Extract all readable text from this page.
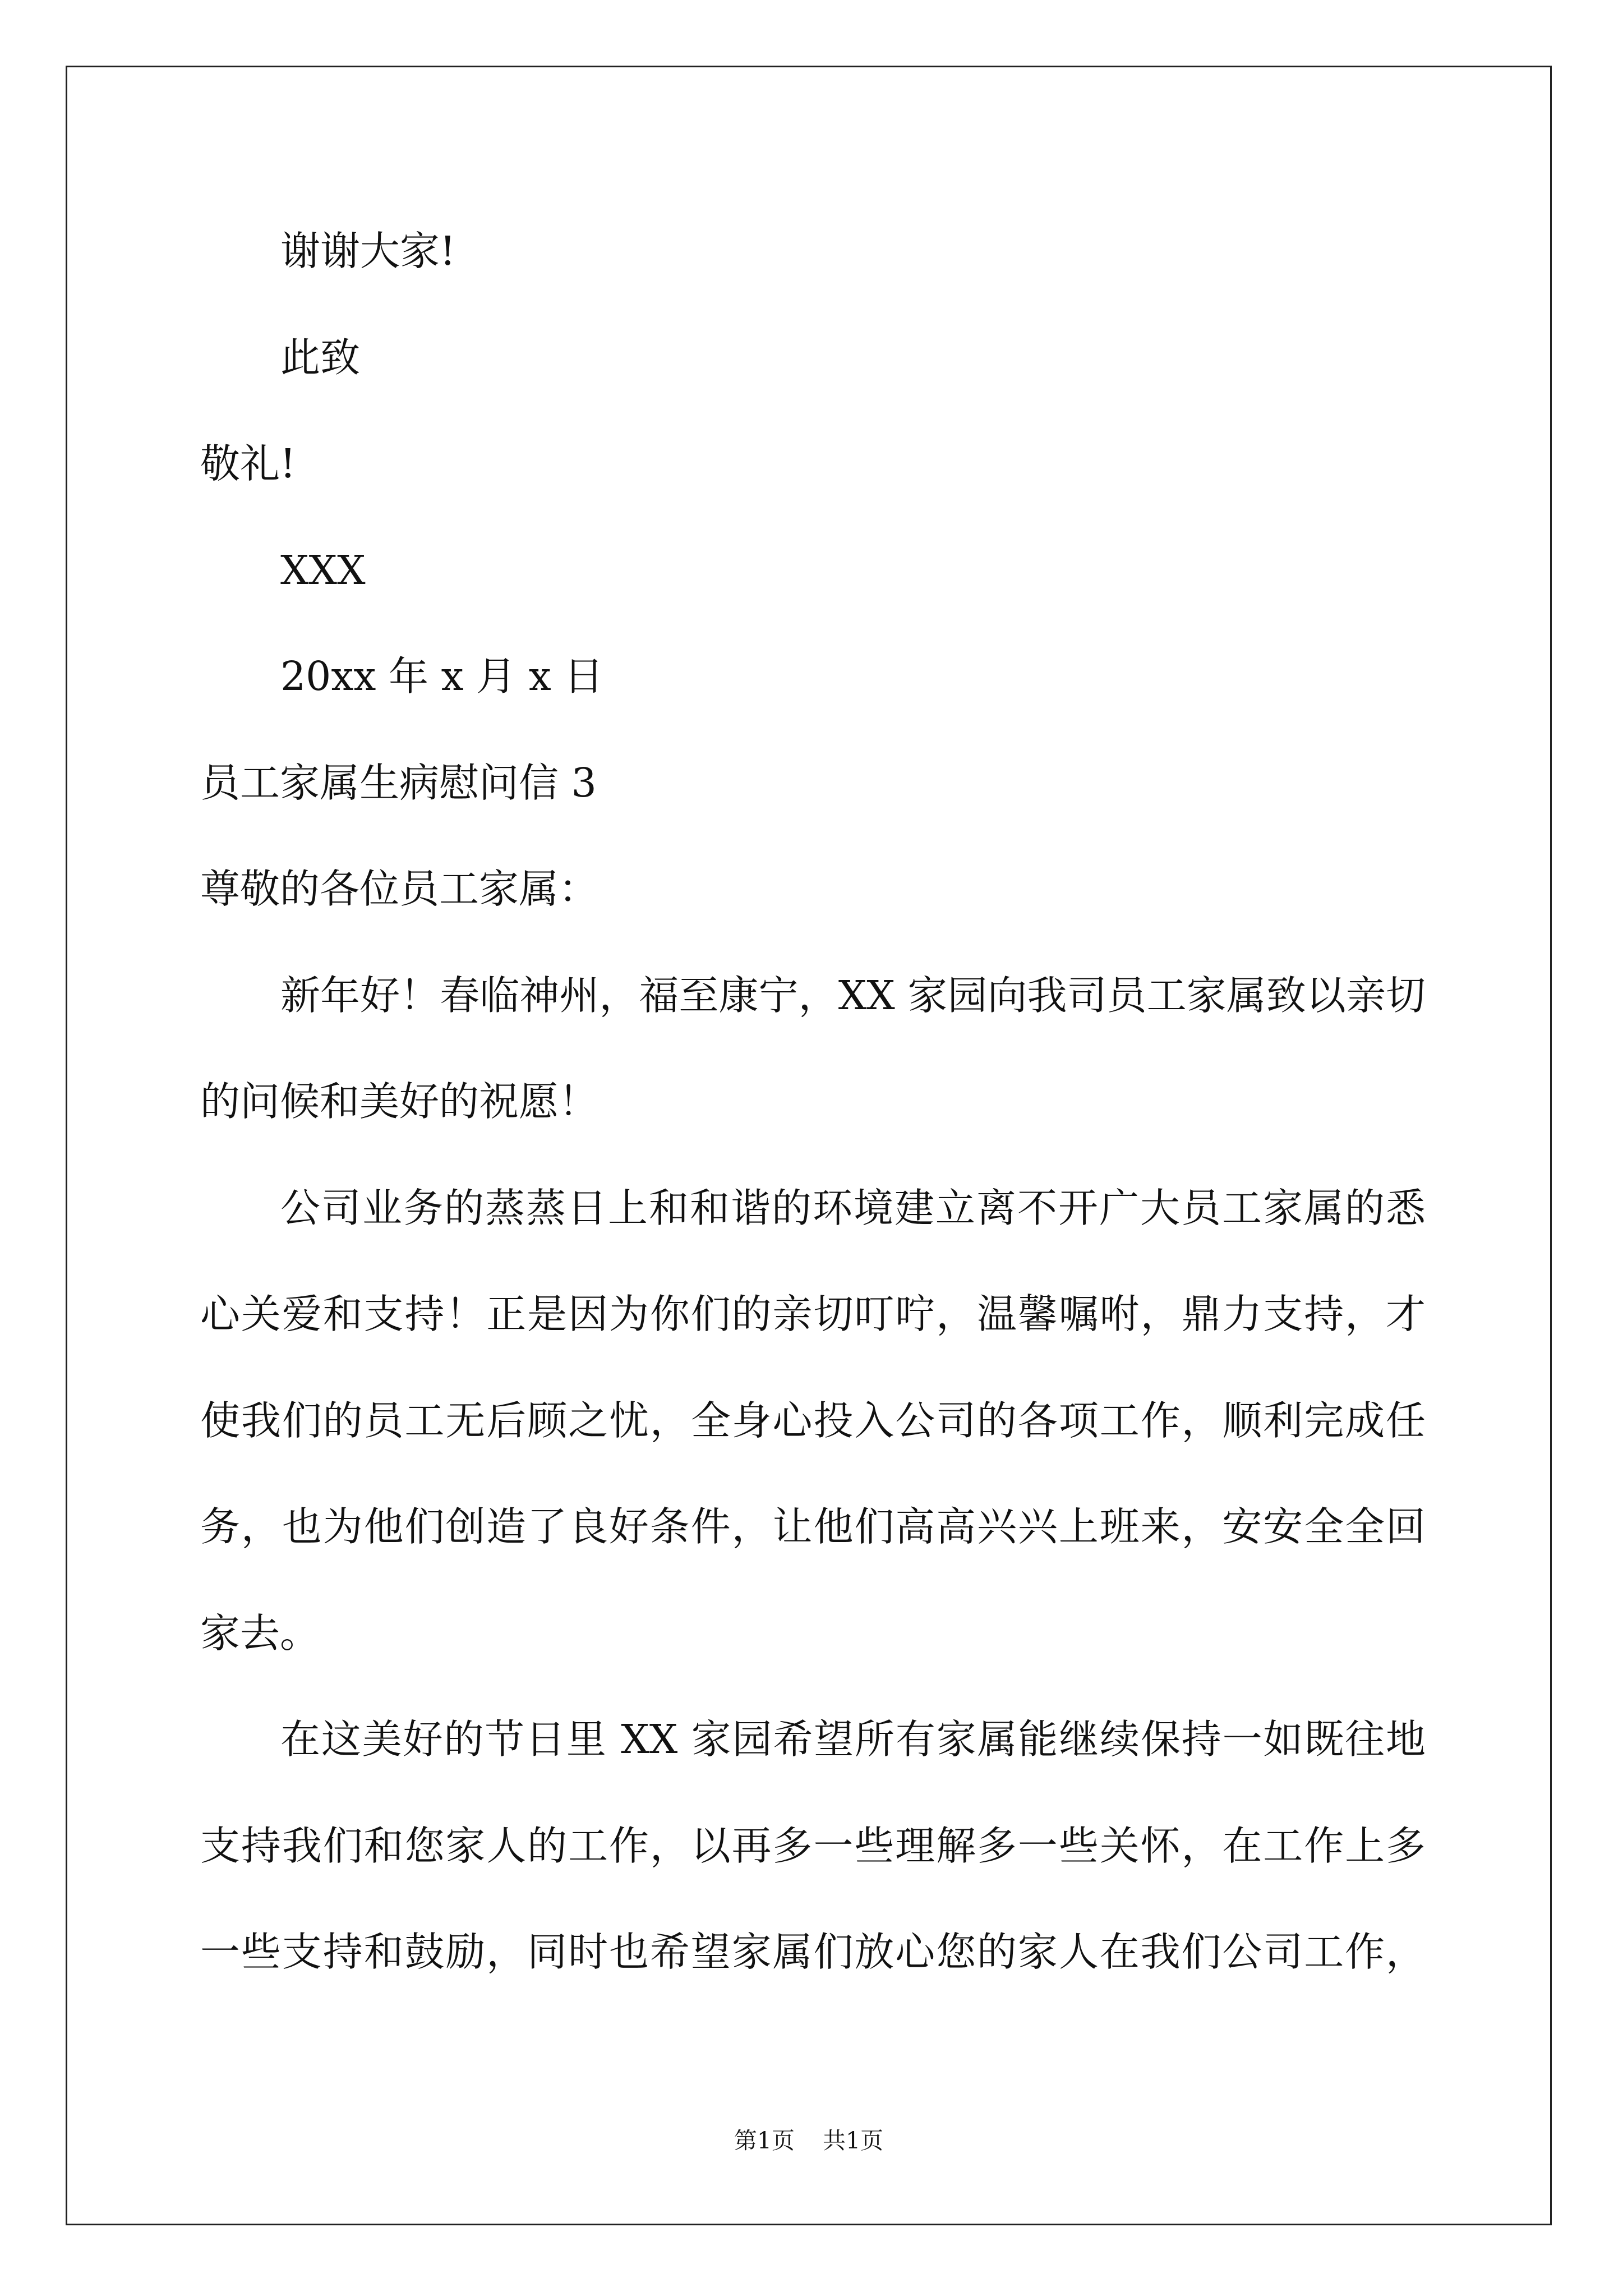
谢谢大家!
此致
敬礼!
XXX
20xx 年 x 月 x 日
员工家属生病慰问信 3
尊敬的各位员工家属：
新年好！春临神州，福至康宁，XX 家园向我司员工家属致以亲切
的问候和美好的祝愿！
公司业务的蒸蒸日上和和谐的环境建立离不开广大员工家属的悉
心关爱和支持！正是因为你们的亲切叮咛，温馨嘱咐，鼎力支持，才
使我们的员工无后顾之忧，全身心投入公司的各项工作，顺利完成任
务，也为他们创造了良好条件，让他们高高兴兴上班来，安安全全回
家去。
在这美好的节日里 XX 家园希望所有家属能继续保持一如既往地
支持我们和您家人的工作，以再多一些理解多一些关怀，在工作上多
一些支持和鼓励，同时也希望家属们放心您的家人在我们公司工作，
第1页 共1页
